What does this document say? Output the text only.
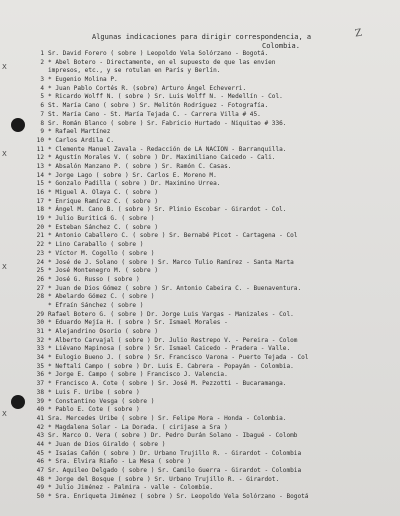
Algunas indicaciones para dirigir correspondencia, a
Colombia.
Z
X
X
X
X
1 Sr. David Forero ( sobre ) Leopoldo Vela Solórzano - Bogotá.
2 * Abel Botero - Directamente, en el supuesto de que las envíen
impresos, etc., y se rotulan en París y Berlín.
3 * Eugenio Molina P.
4 * Juan Pablo Cortés R. (sobre) Arturo Ángel Echeverri.
5 * Ricardo Wolff N. ( sobre ) Sr. Luis Wolff N. - Medellín - Col.
6 St. María Cano ( sobre ) Sr. Melitón Rodríguez - Fotografía.
7 St. María Cano - St. María Tejada C. - Carrera Villa # 45.
8 Sr. Román Blanco ( sobre ) Sr. Fabricio Hurtado - Niquitao # 336.
9 * Rafael Martínez
10 * Carlos Ardila C.
11 * Clemente Manuel Zavala - Redacción de LA NACION - Barranquilla.
12 * Agustín Morales V. ( sobre ) Dr. Maximiliano Caicedo - Cali.
13 * Absalón Manzano P. ( sobre ) Sr. Ramón C. Casas.
14 * Jorge Lago ( sobre ) Sr. Carlos E. Moreno M.
15 * Gonzalo Padilla ( sobre ) Dr. Maximino Urrea.
16 * Miguel A. Olaya C. ( sobre )
17 * Enrique Ramírez C. ( sobre )
18 * Ángel M. Cano B. ( sobre ) Sr. Plinio Escobar - Girardot - Col.
19 * Julio Buriticá G. ( sobre )
20 * Esteban Sánchez C. ( sobre )
21 * Antonio Caballero C. ( sobre ) Sr. Bernabé Picot - Cartagena - Col
22 * Lino Caraballo ( sobre )
23 * Víctor M. Cogollo ( sobre )
24 * José de J. Solano ( sobre ) Sr. Marco Tulio Ramírez - Santa Marta
25 * José Montenegro M. ( sobre )
26 * José G. Russo ( sobre )
27 * Juan de Dios Gómez ( sobre ) Sr. Antonio Cabeira C. - Buenaventura.
28 * Abelardo Gómez C. ( sobre )
* Efraín Sánchez ( sobre )
29 Rafael Botero G. ( sobre ) Dr. Jorge Luis Vargas - Manizales - Col.
30 * Eduardo Mejía H. ( sobre ) Sr. Ismael Morales -
31 * Alejandrino Osorio ( sobre )
32 * Alberto Carvajal ( sobre ) Dr. Julio Restrepo V. - Pereira - Colom
33 * Liévano Mapinosa ( sobre ) Sr. Ismael Caicedo - Pradera - Valle.
34 * Eulogio Bueno J. ( sobre ) Sr. Francisco Varona - Puerto Tejada - Col
35 * Neftalí Campo ( sobre ) Dr. Luis E. Cabrera - Popayán - Colombia.
36 * Jorge E. Campo ( sobre ) Francisco J. Valencia.
37 * Francisco A. Cote ( sobre ) Sr. José M. Pezzotti - Bucaramanga.
38 * Luis F. Uribe ( sobre )
39 * Constantino Vesga ( sobre )
40 * Pablo E. Cote ( sobre )
41 Sra. Mercedes Uribe ( sobre ) Sr. Felipe Mora - Honda - Colombia.
42 * Magdalena Solar - La Dorada. ( cirijase a Sra )
43 Sr. Marco O. Vera ( sobre ) Dr. Pedro Durán Solano - Ibagué - Colomb
44 * Juan de Dios Giraldo ( sobre )
45 * Isaías Cañón ( sobre ) Dr. Urbano Trujillo R. - Girardot - Colombia
46 * Sra. Elvira Riaño - La Mesa ( sobre )
47 Sr. Aquileo Delgado ( sobre ) Sr. Camilo Guerra - Girardot - Colombia
48 * Jorge del Bosque ( sobre ) Sr. Urbano Trujillo R. - Girardot.
49 * Julio Jiménez - Palmira - valle - Colombie.
50 * Sra. Enriqueta Jiménez ( sobre ) Sr. Leopoldo Vela Solórzano - Bogotá
